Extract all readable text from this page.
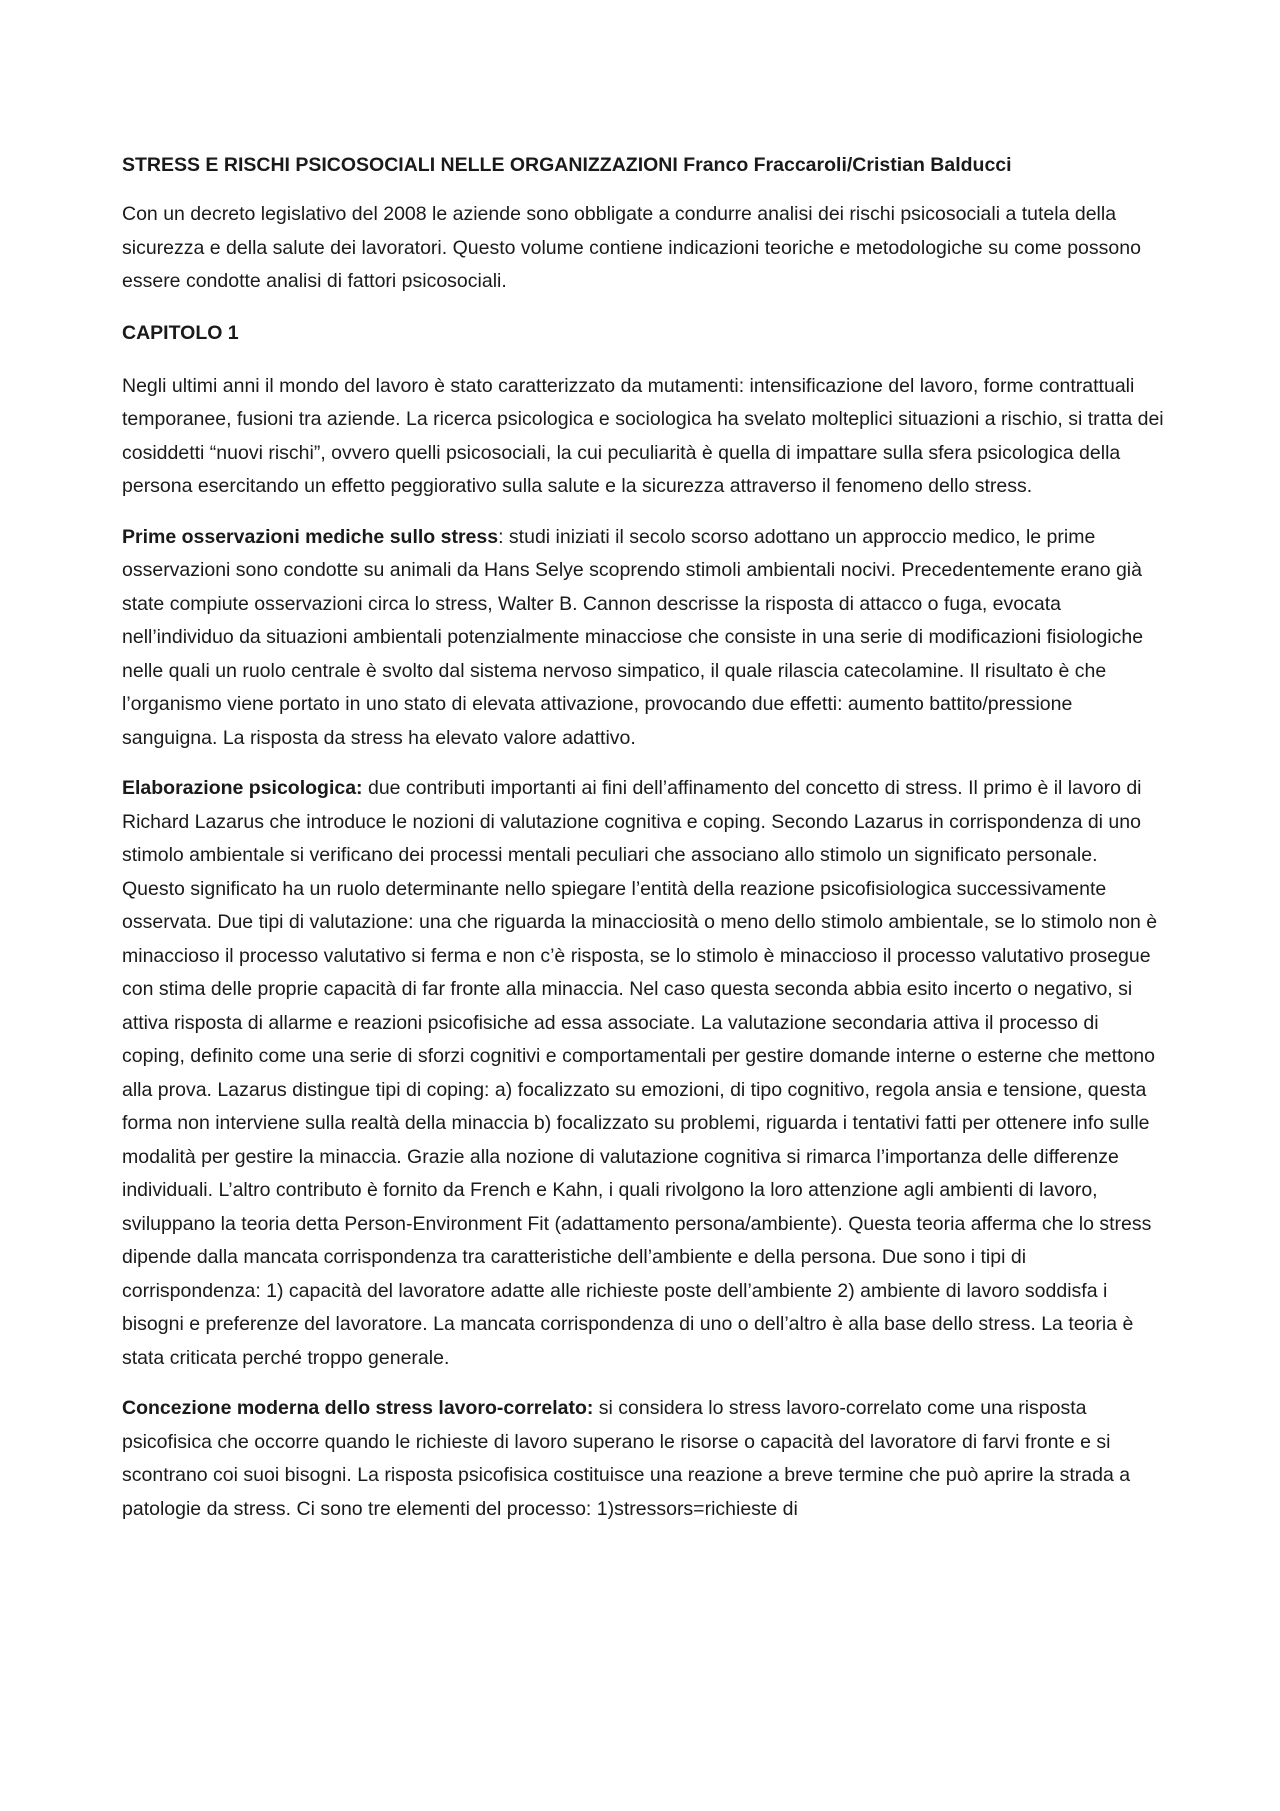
STRESS E RISCHI PSICOSOCIALI NELLE ORGANIZZAZIONI Franco Fraccaroli/Cristian Balducci

Con un decreto legislativo del 2008 le aziende sono obbligate a condurre analisi dei rischi psicosociali a tutela della sicurezza e della salute dei lavoratori. Questo volume contiene indicazioni teoriche e metodologiche su come possono essere condotte analisi di fattori psicosociali.

CAPITOLO 1

Negli ultimi anni il mondo del lavoro è stato caratterizzato da mutamenti: intensificazione del lavoro, forme contrattuali temporanee, fusioni tra aziende. La ricerca psicologica e sociologica ha svelato molteplici situazioni a rischio, si tratta dei cosiddetti “nuovi rischi”, ovvero quelli psicosociali, la cui peculiarità è quella di impattare sulla sfera psicologica della persona esercitando un effetto peggiorativo sulla salute e la sicurezza attraverso il fenomeno dello stress.

Prime osservazioni mediche sullo stress: studi iniziati il secolo scorso adottano un approccio medico, le prime osservazioni sono condotte su animali da Hans Selye scoprendo stimoli ambientali nocivi. Precedentemente erano già state compiute osservazioni circa lo stress, Walter B. Cannon descrisse la risposta di attacco o fuga, evocata nell’individuo da situazioni ambientali potenzialmente minacciose che consiste in una serie di modificazioni fisiologiche nelle quali un ruolo centrale è svolto dal sistema nervoso simpatico, il quale rilascia catecolamine. Il risultato è che l’organismo viene portato in uno stato di elevata attivazione, provocando due effetti: aumento battito/pressione sanguigna. La risposta da stress ha elevato valore adattivo.

Elaborazione psicologica: due contributi importanti ai fini dell’affinamento del concetto di stress. Il primo è il lavoro di Richard Lazarus che introduce le nozioni di valutazione cognitiva e coping. Secondo Lazarus in corrispondenza di uno stimolo ambientale si verificano dei processi mentali peculiari che associano allo stimolo un significato personale. Questo significato ha un ruolo determinante nello spiegare l’entità della reazione psicofisiologica successivamente osservata. Due tipi di valutazione: una che riguarda la minacciosità o meno dello stimolo ambientale, se lo stimolo non è minaccioso il processo valutativo si ferma e non c’è risposta, se lo stimolo è minaccioso il processo valutativo prosegue con stima delle proprie capacità di far fronte alla minaccia. Nel caso questa seconda abbia esito incerto o negativo, si attiva risposta di allarme e reazioni psicofisiche ad essa associate. La valutazione secondaria attiva il processo di coping, definito come una serie di sforzi cognitivi e comportamentali per gestire domande interne o esterne che mettono alla prova. Lazarus distingue tipi di coping: a) focalizzato su emozioni, di tipo cognitivo, regola ansia e tensione, questa forma non interviene sulla realtà della minaccia b) focalizzato su problemi, riguarda i tentativi fatti per ottenere info sulle modalità per gestire la minaccia. Grazie alla nozione di valutazione cognitiva si rimarca l’importanza delle differenze individuali. L’altro contributo è fornito da French e Kahn, i quali rivolgono la loro attenzione agli ambienti di lavoro, sviluppano la teoria detta Person-Environment Fit (adattamento persona/ambiente). Questa teoria afferma che lo stress dipende dalla mancata corrispondenza tra caratteristiche dell’ambiente e della persona. Due sono i tipi di corrispondenza: 1) capacità del lavoratore adatte alle richieste poste dell’ambiente 2) ambiente di lavoro soddisfa i bisogni e preferenze del lavoratore. La mancata corrispondenza di uno o dell’altro è alla base dello stress. La teoria è stata criticata perché troppo generale.

Concezione moderna dello stress lavoro-correlato: si considera lo stress lavoro-correlato come una risposta psicofisica che occorre quando le richieste di lavoro superano le risorse o capacità del lavoratore di farvi fronte e si scontrano coi suoi bisogni. La risposta psicofisica costituisce una reazione a breve termine che può aprire la strada a patologie da stress. Ci sono tre elementi del processo: 1)stressors=richieste di
